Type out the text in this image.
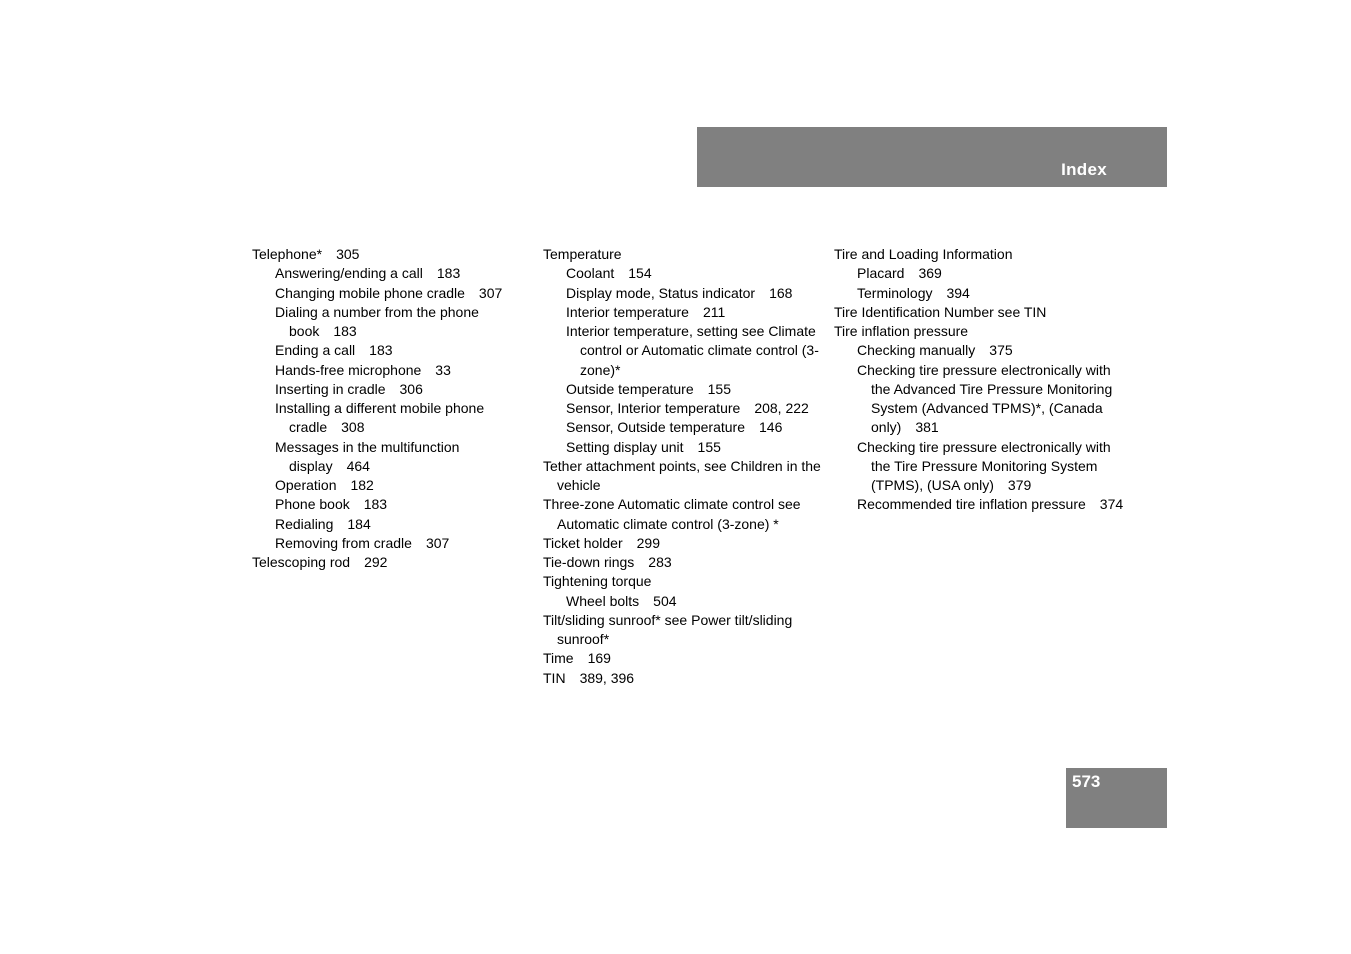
Index
Telephone* 305
Answering/ending a call 183
Changing mobile phone cradle 307
Dialing a number from the phone book 183
Ending a call 183
Hands-free microphone 33
Inserting in cradle 306
Installing a different mobile phone cradle 308
Messages in the multifunction display 464
Operation 182
Phone book 183
Redialing 184
Removing from cradle 307
Telescoping rod 292
Temperature
Coolant 154
Display mode, Status indicator 168
Interior temperature 211
Interior temperature, setting see Climate control or Automatic climate control (3-zone)*
Outside temperature 155
Sensor, Interior temperature 208, 222
Sensor, Outside temperature 146
Setting display unit 155
Tether attachment points, see Children in the vehicle
Three-zone Automatic climate control see Automatic climate control (3-zone) *
Ticket holder 299
Tie-down rings 283
Tightening torque
Wheel bolts 504
Tilt/sliding sunroof* see Power tilt/sliding sunroof*
Time 169
TIN 389, 396
Tire and Loading Information
Placard 369
Terminology 394
Tire Identification Number see TIN
Tire inflation pressure
Checking manually 375
Checking tire pressure electronically with the Advanced Tire Pressure Monitoring System (Advanced TPMS)*, (Canada only) 381
Checking tire pressure electronically with the Tire Pressure Monitoring System (TPMS), (USA only) 379
Recommended tire inflation pressure 374
573
